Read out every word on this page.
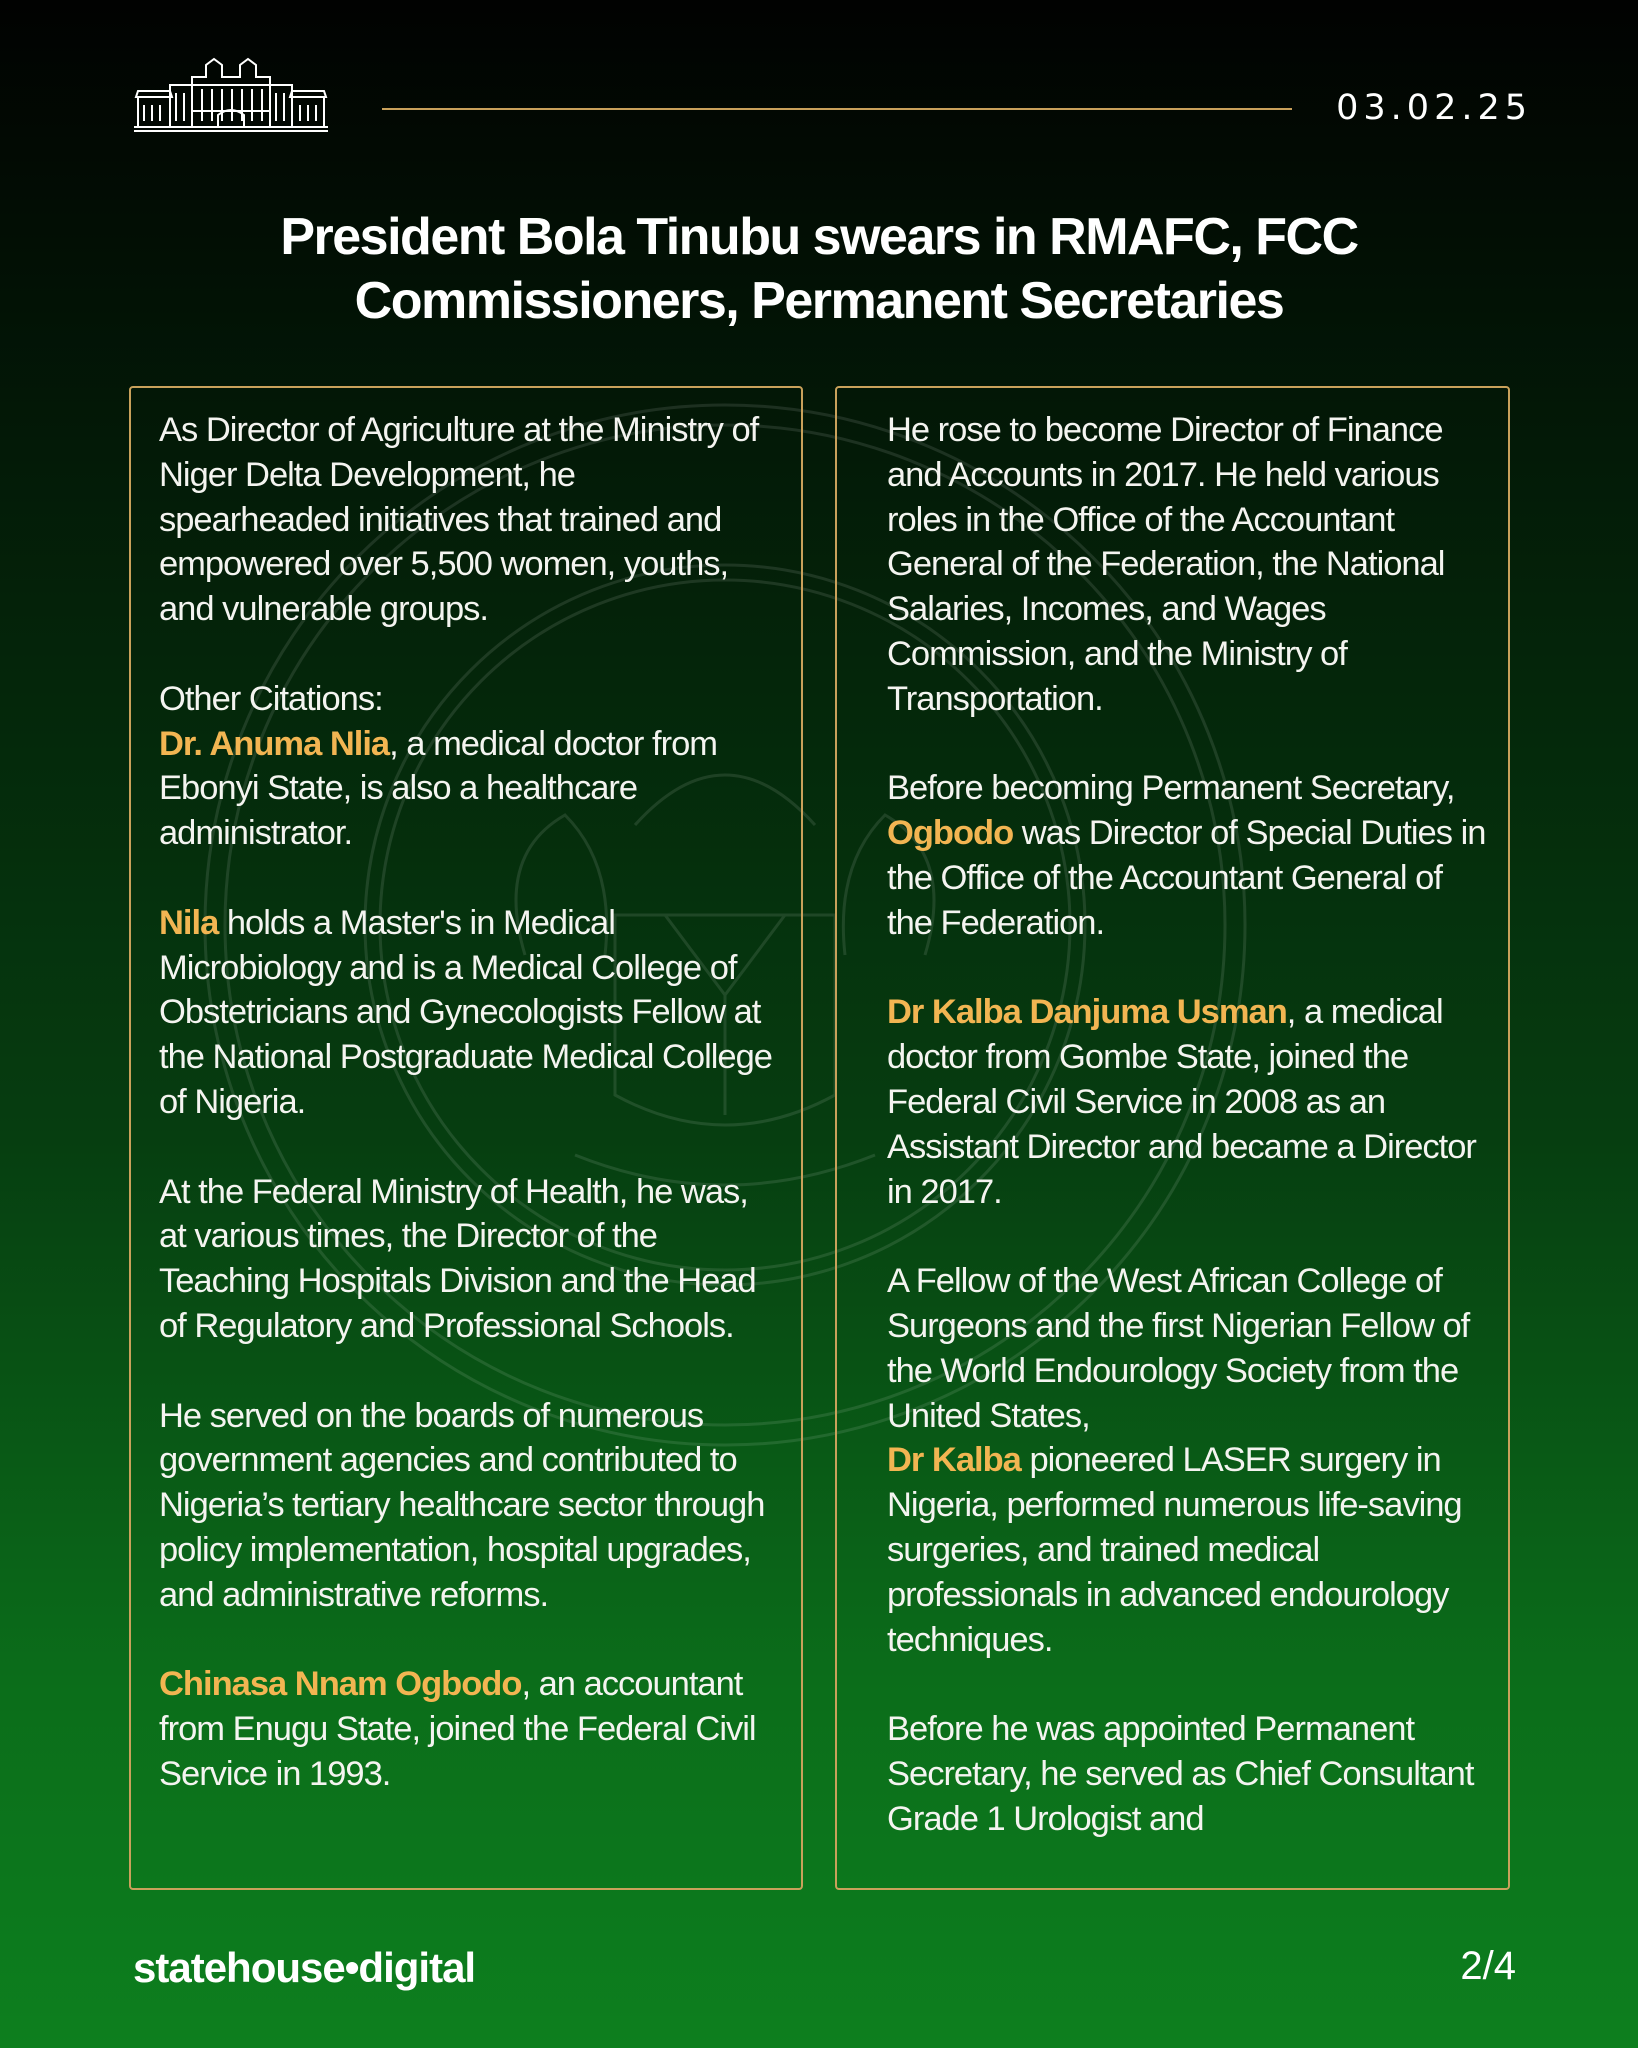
03.02.25
President Bola Tinubu swears in RMAFC, FCC
Commissioners, Permanent Secretaries

As Director of Agriculture at the Ministry of Niger Delta Development, he spearheaded initiatives that trained and empowered over 5,500 women, youths, and vulnerable groups.

Other Citations:
Dr. Anuma Nlia, a medical doctor from Ebonyi State, is also a healthcare administrator.

Nila holds a Master's in Medical Microbiology and is a Medical College of Obstetricians and Gynecologists Fellow at the National Postgraduate Medical College of Nigeria.

At the Federal Ministry of Health, he was, at various times, the Director of the Teaching Hospitals Division and the Head of Regulatory and Professional Schools.

He served on the boards of numerous government agencies and contributed to Nigeria’s tertiary healthcare sector through policy implementation, hospital upgrades, and administrative reforms.

Chinasa Nnam Ogbodo, an accountant from Enugu State, joined the Federal Civil Service in 1993.

He rose to become Director of Finance and Accounts in 2017. He held various roles in the Office of the Accountant General of the Federation, the National Salaries, Incomes, and Wages Commission, and the Ministry of Transportation.

Before becoming Permanent Secretary, Ogbodo was Director of Special Duties in the Office of the Accountant General of the Federation.

Dr Kalba Danjuma Usman, a medical doctor from Gombe State, joined the Federal Civil Service in 2008 as an Assistant Director and became a Director in 2017.

A Fellow of the West African College of Surgeons and the first Nigerian Fellow of the World Endourology Society from the United States,
Dr Kalba pioneered LASER surgery in Nigeria, performed numerous life-saving surgeries, and trained medical professionals in advanced endourology techniques.

Before he was appointed Permanent Secretary, he served as Chief Consultant Grade 1 Urologist and

statehouse•digital	2/4
